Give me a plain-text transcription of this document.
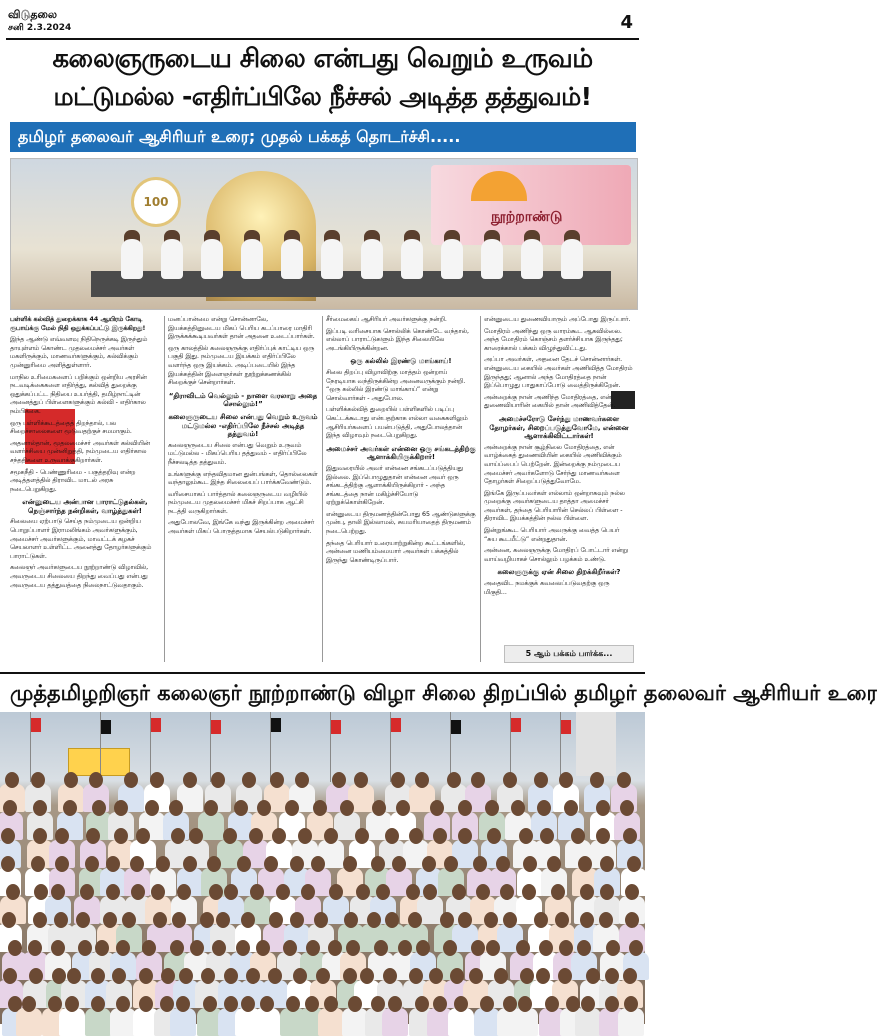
விடுதலை
சனி 2.3.2024	4
கலைஞருடைய சிலை என்பது வெறும் உருவம்
மட்டுமல்ல -எதிர்ப்பிலே நீச்சல் அடித்த தத்துவம்!
தமிழர் தலைவர் ஆசிரியர் உரை; முதல் பக்கத் தொடர்ச்சி.....
100
நூற்றாண்டு

பள்ளிக் கல்வித் துறைக்காக 44 ஆயிரம் கோடி ரூபாய்க்கு மேல் நிதி ஒதுக்கப்பட்டு இருக்கிறது!

இந்த ஆண்டு எவ்வளவு நிதிநெருக்கடி இருந்தும் தாயுள்ளம் கொண்ட முதலமைச்சர் அவர்கள் மகளிருக்கும், மாணவர்களுக்கும், கல்விக்கும் முன்னுரிமை அளித்துள்ளார்.

மாநில உரிமைகளைப் பறிக்கும் ஒன்றிய அரசின் நடவடிக்கைகளை எதிர்த்து, கல்வித் துறைக்கு ஒதுக்கப்பட்ட நிதியை உயர்த்தி, தமிழ்நாட்டின் அனைத்துப் பிள்ளைகளுக்கும் கல்வி - எதிர்கால நம்பிக்கை.

ஒரு பள்ளிக்கூடத்தைத் திறந்தால், பல சிறைச்சாலைகளை மூடுவதற்குச் சமமாகும்.

அதனால்தான், மூதலமைச்சர் அவர்கள் கல்வியின் வளர்ச்சியை முன்னிறுத்தி, நம்முடைய எதிர்கால சந்ததிகளை உருவாக்குகிறார்கள்.

சமூகநீதி - பெண்ணுரிமை - பகுத்தறிவு என்ற அடித்தளத்தில் திராவிட மாடல் அரசு நடைபெறுகிறது.

என்னுடைய அன்பான பாராட்டுதல்கள், நெஞ்சார்ந்த நன்றிகள், வாழ்த்துகள்!

சிலையை ஏற்பாடு செய்த நம்முடைய ஒன்றிய பொறுப்பாளர் இராமலிங்கம் அவர்களுக்கும், அமைச்சர் அவர்களுக்கும், மாவட்டக் கழகச் செயலாளர் உள்ளிட்ட அனைத்து தோழர்களுக்கும் பாராட்டுகள்.

கலைஞர் அவர்களுடைய நூற்றாண்டு விழாவில், அவருடைய சிலையை திறந்து வைப்பது என்பது அவருடைய தத்துவத்தை நிலைநாட்டுவதாகும்.

மனப்பான்மை என்று சொன்னாலே, இயக்கத்தினுடைய மிகப் பெரிய கடப்பாரை மாதிரி இருக்கக்கூடியவர்கள் தான் அதனை உடைப்பார்கள்.

ஒரு காலத்தில் கலைஞருக்கு எதிர்ப்புக் காட்டிய ஒரு பகுதி இது. நம்முடைய இயக்கம் எதிர்ப்பிலே வளர்ந்த ஒரு இயக்கம். அடிப்படையில் இந்த இயக்கத்தின் இளைஞர்கள் நூற்றுக்கணக்கில் சிறைக்குச் சென்றார்கள்.

“திராவிடம் வெல்லும் - நாளை வரலாறு அதை சொல்லும்!”
கலைஞருடைய சிலை என்பது வெறும் உருவம் மட்டுமல்ல -எதிர்ப்பிலே நீச்சல் அடித்த தத்துவம்!

கலைஞருடைய சிலை என்பது வெறும் உருவம் மட்டுமல்ல - மிகப்பெரிய தத்துவம் - எதிர்ப்பிலே நீச்சலடித்த தத்துவம்.

உங்களுக்கு எந்தவிதமான துன்பங்கள், தொல்லைகள் வந்தாலும்கூட இந்த சிலையைப் பார்க்கவேண்டும்.

வரிசையாகப் பார்த்தால் கலைஞருடைய வழியில் நம்முடைய முதலமைச்சர் மிகச் சிறப்பாக ஆட்சி நடத்தி வருகிறார்கள்.

அதுபோலவே, இங்கே வந்து இருக்கின்ற அமைச்சர் அவர்கள் மிகப் பொருத்தமாக செயல்படுகிறார்கள்.

சீர்மைகைய் ஆசிரியர் அவர்களுக்கு நன்றி.

இப்படி வரிசையாக சொல்லிக் கொண்டே வந்தால், எல்லாப் பாராட்டுகளும் இந்த சிலையிலே அடங்கியிருக்கின்றன.

ஒரு கல்லில் இரண்டு மாங்காய்!

சிலை திறப்பு விழாவிற்கு மாத்தம் ஒன்றாய் நேரடியாக வந்திருக்கின்ற அனைவருக்கும் நன்றி. “ஒரு கல்லில் இரண்டு மாங்காய்” என்று சொல்வார்கள் - அதுபோல.

பள்ளிக்கல்வித் துறையில் பள்ளிகளில் படிப்பு கெட்டக்கூடாது என்பதற்காக எல்லா வகைகளிலும் ஆசிரியர்களைப் பயன்படுத்தி, அதுபோலத்தான் இந்த விழாவும் நடைபெறுகிறது.

அமைச்சர் அவர்கள் என்னை ஒரு சங்கடத்திற்கு ஆளாக்கியிருக்கிறார்!

இதுவரையில் அவர் என்னை சங்கடப்படுத்தியது இல்லை. இப்பொழுதுதான் என்னை அவர் ஒரு சங்கடத்திற்கு ஆளாக்கியிருக்கிறார் - அந்த சங்கடத்தை நான் மகிழ்ச்சியோடு ஏற்றுக்கொள்கிறேன்.

என்னுடைய திருமணத்தின்போது 65 ஆண்டுகளுக்கு முன்பு, தாலி இல்லாமல், சுயமரியாதைத் திருமணம் நடைபெற்றது.

தந்தை பெரியார் உரையாற்றுகின்ற கூட்டங்களில், அன்னை மணியம்மையார் அவர்கள் பக்கத்தில் இருந்து கொண்டிருப்பார்.

என்னுடைய துணைவியாரும் அப்போது இருப்பார்.

மோதிரம் அணிந்து ஒரு வாரம்கூட ஆகவில்லை. அந்த மோதிரம் கொஞ்சம் தளர்ச்சியாக இருந்தது; காரைக்கால் பக்கம் விழுந்துவிட்டது.

அப்பா அவர்கள், அதனை தேடச் சொன்னார்கள். என்னுடைய கையில் அவர்கள் அணிவித்த மோதிரம் இருந்தது; ஆனால் அந்த மோதிரத்தை நான் இப்பொழுது பாதுகாப்போடு வைத்திருக்கிறேன்.

அன்றைக்கு நான் அணிந்த மோதிரத்தை, என் துணைவியாரின் கையில் தான் அணிவித்தேன்.

அமைச்சரோடு சேர்ந்து மாணவர்களை தோழர்கள், சிறைப்படுத்துவோமே, என்னை ஆளாக்கிவிட்டார்கள்!

அன்றைக்கு நான் சூழ்நிலை மோதிரத்தை, என் வாழ்க்கைத் துணைவியின் கையில் அணிவிக்கும் வாய்ப்பைப் பெற்றேன். இன்றைக்கு நம்முடைய அமைச்சர் அவர்களோடு சேர்ந்து மாணவர்களை தோழர்கள் சிறைப்படுத்துவோமே.

இங்கே இருப்பவர்கள் எல்லாம் ஒன்றாகவும் நல்ல முறைக்கு அவர்களுடைய தாத்தா அமைச்சர் அவர்கள், தந்தை பெரியாரின் செல்லப் பிள்ளை - திராவிட இயக்கத்தின் நல்ல பிள்ளை.

இன்றுங்கூட பெரியார் அவருக்கு வைத்த பெயர் “சுய கூடமீட்டு” என்றதுதான்.

அன்னை, கலைஞருக்கு மோதிரப் போட்டார் என்று வாய்வழியாகச் சொல்லும் பழக்கம் உண்டு.

கலைஞருக்கு ஏன் சிலை திறக்கிறீர்கள்?

அதைவிட நமக்குக் கவலைப்படுவதற்கு ஒரு மிகுதி...

5 ஆம் பக்கம் பார்க்க...
முத்தமிழறிஞர் கலைஞர் நூற்றாண்டு விழா சிலை திறப்பில் தமிழர் தலைவர் ஆசிரியர் உரை
